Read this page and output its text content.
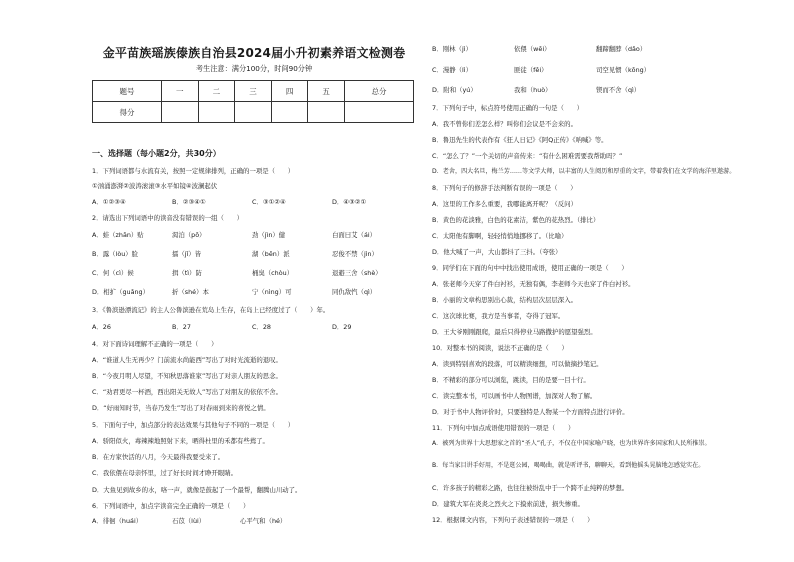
金平苗族瑶族傣族自治县2024届小升初素养语文检测卷
考生注意：满分100分，时间90分钟
题号	一	二	三	四	五	总分
得分						
一、选择题（每小题2分，共30分）
1．下列词语都与水流有关，按照一定规律排列，正确的一项是（　　）
①汹涌澎湃②波涛滚滚③水平如镜④波澜起伏
A．①②③④	B．②③④①	C．③①②④	D．④③②①
2．请选出下列词语中的读音没有错误的一组（　　）
A．蛙（zhān）贴	渴泊（pō）	劲（jìn）健	白面曰艾（ái）
B．露（lòu）脸	擂（jǐ）皆	湖（bēn）派	忍俊不禁（jìn）
C．何（cì）候	揖（tì）防	桶臭（chòu）	退避三舍（shè）
D．相扩（guǎng）	折（shé）本	宁（nìng）可	同仇敌忾（qì）
3．《鲁滨逊漂流记》的主人公鲁滨逊在荒岛上生存，在岛上已经度过了（　　）年。
A．26	B．27	C．28	D．29
4．对下面诗词理解不正确的一项是（　　）
A．“谁道人生无再少？门前流水尚能西”写出了对时光流逝的退叹。
B．“今夜月明人尽望，不知秋思落谁家”写出了对亲人朋友的思念。
C．“劝君更尽一杯酒，西出阳关无故人”写出了对朋友的依依不舍。
D．“好雨知时节，当春乃发生”写出了对春雨到来的喜悦之情。
5．下面句子中，加点部分的表达效果与其他句子不同的一项是（　　）
A．骄阳似火，毒辣辣地照射下来，晒得杜里的禾都有些蔫了。
B．在方家快活的八月，今天最得我要受来了。
C．我依偎在母亲怀里，过了好长时间才睁开眼睛。
D．大鱼见到故乡的水，咯一声，就像是鼓起了一个最帮，翻腾山川动了。
6．下列词语中，加点字读音完全正确的一项是（　　）
A．徘徊（huái）	石苡（lùi）	心平气和（hé）
B．刚林（jì）	依偎（wēi）	翻蹄翻脖（dǎo）
C．漫静（lì）	匪徒（fěi）	司空见惯（kōng）
D．附和（yú）	我和（huò）	锲而不舍（qì）
7．下列句子中，标点符号使用正确的一句是（　　）
A．我不曾你们差怎么样？叫你们会议是不会来的。
B．鲁迅先生的代表作有《狂人日记》《阿Q正传》《呐喊》等。
C．“怎么了？”一个关切的声音传来：“有什么困难需要我帮助吗？”
D．老舍，四大名旦，梅兰芳……等文学大师，以丰富的人生阅历和厚重的文字，带着我们在文学的海洋里遨游。
8．下列句子的修辞手法判断有误的一项是（　　）
A．这里的工作多么重要，我哪能离开呢？（反问）
B．黄色的花淡雅，白色的花素洁，紫色的花热烈。（排比）
C．太阳他有脚啊，轻轻悄悄地挪移了。（比喻）
D．他大喊了一声，大山都抖了三抖。（夸张）
9．同学们在下面的句中中找出使用成语，使用正确的一项是（　　）
A．张老师今天穿了件白衬衫，无独有偶，李老师今天也穿了件白衬衫。
B．小丽的文章构思别出心裁，结构层次层层深入。
C．这次球比赛，我方是当事者，夺得了冠军。
D．王大爷刚刚跟爬，最后只得停业马路撒护的愿望强烈。
10．对整本书的阅读，说法不正确的是（　　）
A．读到特别喜欢的段落，可以精读细想，可以做摘抄笔记。
B．不精彩的部分可以浏览，跳读，目的是要一目十行。
C．读完整本书，可以画书中人物图谱，加深对人物了解。
D．对于书中人物评价时，只要独特是人物某一个方面特点进行评价。
11．下列句中加点成语使用错误的一项是（　　）
A．被列为世界十大思想家之首的“圣人”孔子，不仅在中国家喻户晓，也为世界许多国家和人民所推崇。
B．每当家目讲手好用，不是逛公园，喝喝曲，就是听评书，聊聊天，看到他摇头晃脑地怎感觉实在。
C．许多孩子的精彩之路，也往往被纷乱中于一个跨不止纯粹的梦想。
D．建筑大军在炎炎之烈火之下摸索前进，损失惨重。
12．根据课文内容，下列句子表述错误的一项是（　　）
